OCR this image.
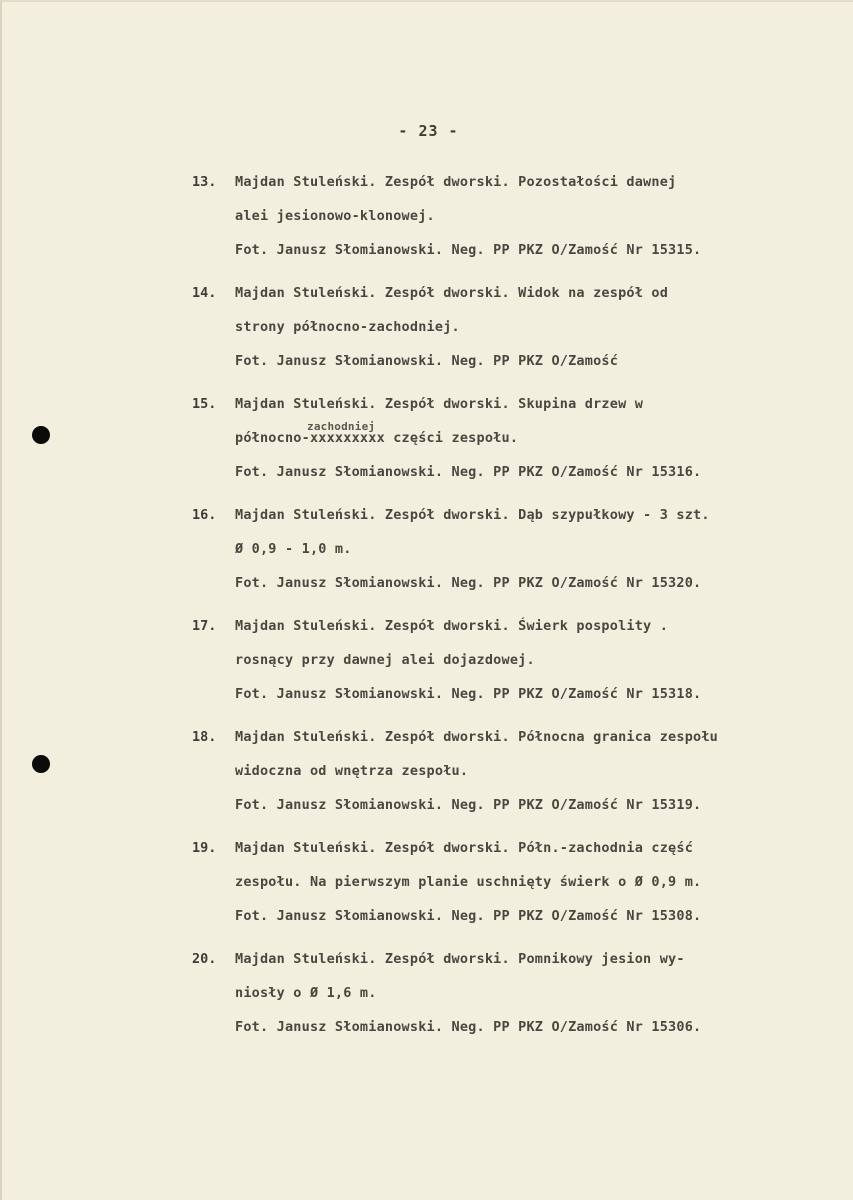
- 23 -
13. Majdan Stuleński. Zespół dworski. Pozostałości dawnej
alei jesionowo-klonowej.
Fot. Janusz Słomianowski. Neg. PP PKZ O/Zamość Nr 15315.
14. Majdan Stuleński. Zespół dworski. Widok na zespół od
strony północno-zachodniej.
Fot. Janusz Słomianowski. Neg. PP PKZ O/Zamość
15. Majdan Stuleński. Zespół dworski. Skupina drzew w
zachodniej
północno-xxxxxxxxx części zespołu.
Fot. Janusz Słomianowski. Neg. PP PKZ O/Zamość Nr 15316.
16. Majdan Stuleński. Zespół dworski. Dąb szypułkowy - 3 szt.
Ø 0,9 - 1,0 m.
Fot. Janusz Słomianowski. Neg. PP PKZ O/Zamość Nr 15320.
17. Majdan Stuleński. Zespół dworski. Świerk pospolity .
rosnący przy dawnej alei dojazdowej.
Fot. Janusz Słomianowski. Neg. PP PKZ O/Zamość Nr 15318.
18. Majdan Stuleński. Zespół dworski. Północna granica zespołu
widoczna od wnętrza zespołu.
Fot. Janusz Słomianowski. Neg. PP PKZ O/Zamość Nr 15319.
19. Majdan Stuleński. Zespół dworski. Półn.-zachodnia część
zespołu. Na pierwszym planie uschnięty świerk o Ø 0,9 m.
Fot. Janusz Słomianowski. Neg. PP PKZ O/Zamość Nr 15308.
20. Majdan Stuleński. Zespół dworski. Pomnikowy jesion wy-
niosły o Ø 1,6 m.
Fot. Janusz Słomianowski. Neg. PP PKZ O/Zamość Nr 15306.
